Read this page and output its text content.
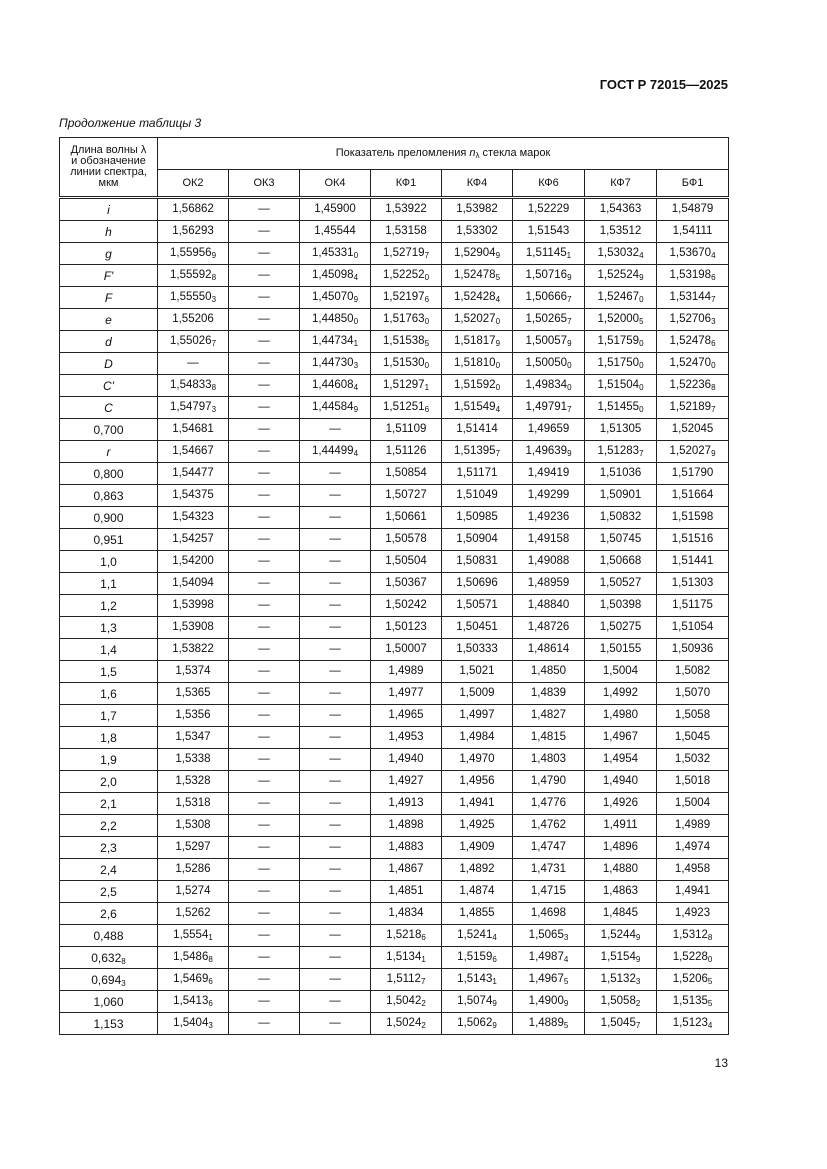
ГОСТ Р 72015—2025
Продолжение таблицы 3
Длина волны λ
и обозначение
линии спектра,
мкм	Показатель преломления $n_\lambda$ стекла марок							
	ОК2	ОК3	ОК4	КФ1	КФ4	КФ6	КФ7	БФ1
i	1,56862	—	1,45900	1,53922	1,53982	1,52229	1,54363	1,54879
h	1,56293	—	1,45544	1,53158	1,53302	1,51543	1,53512	1,54111
g	$1,55956_9$	—	$1,45331_0$	$1,52719_7$	$1,52904_9$	$1,51145_1$	$1,53032_4$	$1,53670_4$
F'	$1,55592_8$	—	$1,45098_4$	$1,52252_0$	$1,52478_5$	$1,50716_9$	$1,52524_9$	$1,53198_6$
F	$1,55550_3$	—	$1,45070_9$	$1,52197_6$	$1,52428_4$	$1,50666_7$	$1,52467_0$	$1,53144_7$
e	1,55206	—	$1,44850_0$	$1,51763_0$	$1,52027_0$	$1,50265_7$	$1,52000_5$	$1,52706_3$
d	$1,55026_7$	—	$1,44734_1$	$1,51538_5$	$1,51817_9$	$1,50057_9$	$1,51759_0$	$1,52478_6$
D	—	—	$1,44730_3$	$1,51530_0$	$1,51810_0$	$1,50050_0$	$1,51750_0$	$1,52470_0$
C'	$1,54833_8$	—	$1,44608_4$	$1,51297_1$	$1,51592_0$	$1,49834_0$	$1,51504_0$	$1,52236_8$
C	$1,54797_3$	—	$1,44584_9$	$1,51251_6$	$1,51549_4$	$1,49791_7$	$1,51455_0$	$1,52189_7$
0,700	1,54681	—	—	1,51109	1,51414	1,49659	1,51305	1,52045
r	1,54667	—	$1,44499_4$	1,51126	$1,51395_7$	$1,49639_9$	$1,51283_7$	$1,52027_9$
0,800	1,54477	—	—	1,50854	1,51171	1,49419	1,51036	1,51790
0,863	1,54375	—	—	1,50727	1,51049	1,49299	1,50901	1,51664
0,900	1,54323	—	—	1,50661	1,50985	1,49236	1,50832	1,51598
0,951	1,54257	—	—	1,50578	1,50904	1,49158	1,50745	1,51516
1,0	1,54200	—	—	1,50504	1,50831	1,49088	1,50668	1,51441
1,1	1,54094	—	—	1,50367	1,50696	1,48959	1,50527	1,51303
1,2	1,53998	—	—	1,50242	1,50571	1,48840	1,50398	1,51175
1,3	1,53908	—	—	1,50123	1,50451	1,48726	1,50275	1,51054
1,4	1,53822	—	—	1,50007	1,50333	1,48614	1,50155	1,50936
1,5	1,5374	—	—	1,4989	1,5021	1,4850	1,5004	1,5082
1,6	1,5365	—	—	1,4977	1,5009	1,4839	1,4992	1,5070
1,7	1,5356	—	—	1,4965	1,4997	1,4827	1,4980	1,5058
1,8	1,5347	—	—	1,4953	1,4984	1,4815	1,4967	1,5045
1,9	1,5338	—	—	1,4940	1,4970	1,4803	1,4954	1,5032
2,0	1,5328	—	—	1,4927	1,4956	1,4790	1,4940	1,5018
2,1	1,5318	—	—	1,4913	1,4941	1,4776	1,4926	1,5004
2,2	1,5308	—	—	1,4898	1,4925	1,4762	1,4911	1,4989
2,3	1,5297	—	—	1,4883	1,4909	1,4747	1,4896	1,4974
2,4	1,5286	—	—	1,4867	1,4892	1,4731	1,4880	1,4958
2,5	1,5274	—	—	1,4851	1,4874	1,4715	1,4863	1,4941
2,6	1,5262	—	—	1,4834	1,4855	1,4698	1,4845	1,4923
0,488	$1,5554_1$	—	—	$1,5218_6$	$1,5241_4$	$1,5065_3$	$1,5244_9$	$1,5312_8$
$0,632_8$	$1,5486_8$	—	—	$1,5134_1$	$1,5159_6$	$1,4987_4$	$1,5154_9$	$1,5228_0$
$0,694_3$	$1,5469_6$	—	—	$1,5112_7$	$1,5143_1$	$1,4967_5$	$1,5132_3$	$1,5206_5$
1,060	$1,5413_6$	—	—	$1,5042_2$	$1,5074_9$	$1,4900_9$	$1,5058_2$	$1,5135_5$
1,153	$1,5404_3$	—	—	$1,5024_2$	$1,5062_9$	$1,4889_5$	$1,5045_7$	$1,5123_4$
13
